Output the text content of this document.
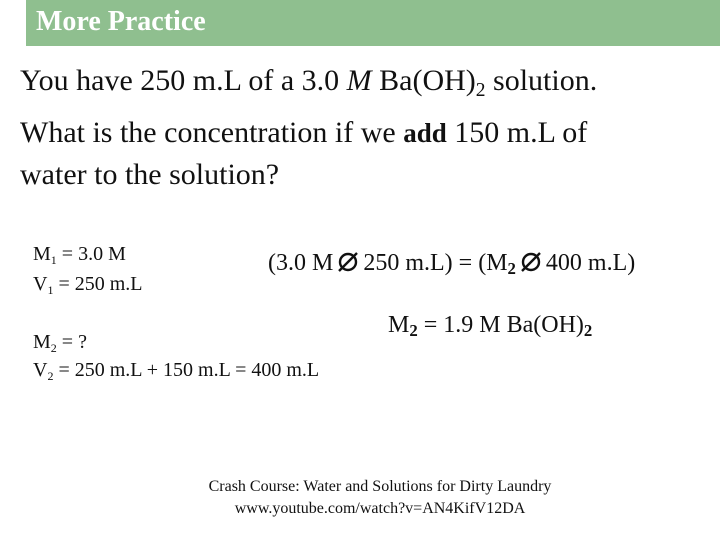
More Practice
You have 250 m.L of a 3.0 M $Ba(OH)_2$ solution.
What is the concentration if we add 150 m.L of
water to the solution?
$M_1 = 3.0$ M
$V_1 = 250$ m.L
(3.0 M 250 $m.L) = (M_2$ 400 m.L)
$M_2 = 1.9$ M $Ba(OH)_2$
$M_2$ = ?
$V_2 = 250$ m.L + 150 m.L = 400 m.L
Crash Course: Water and Solutions for Dirty Laundry
www.youtube.com/watch?v=AN4KifV12DA
